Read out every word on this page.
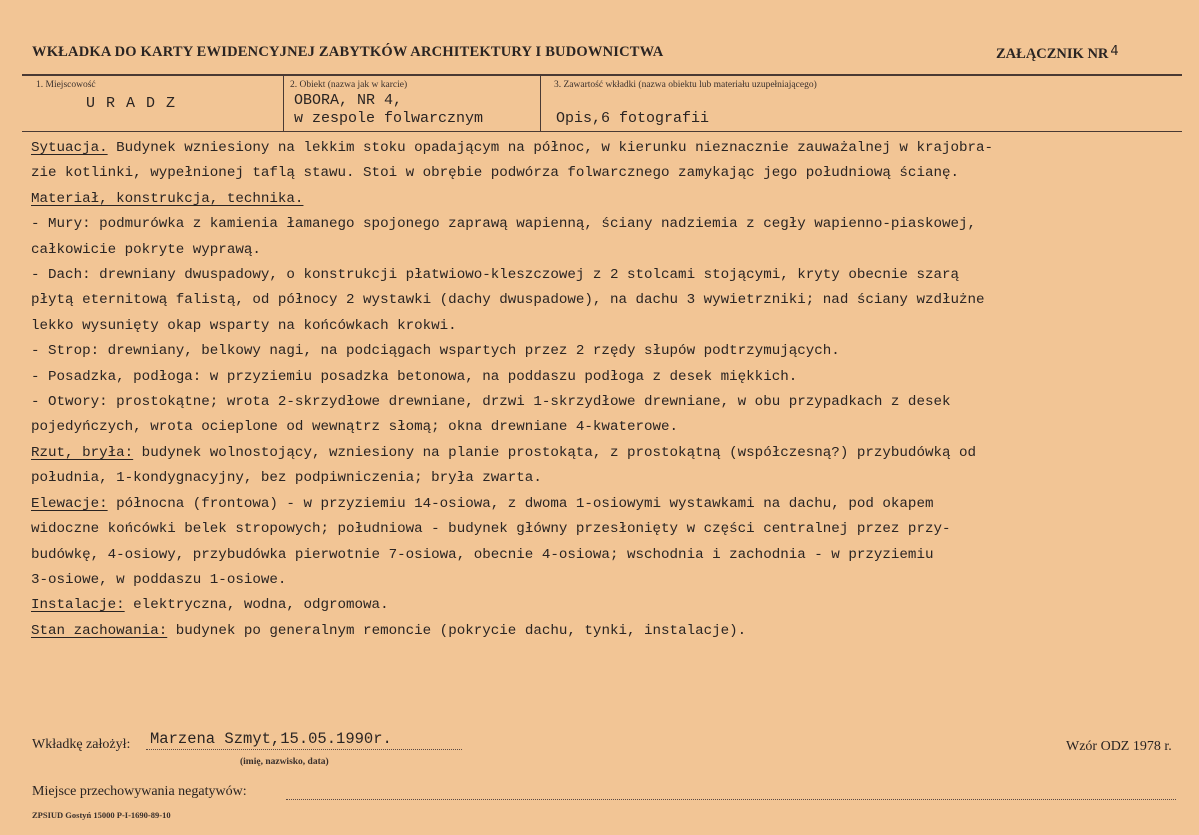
WKŁADKA DO KARTY EWIDENCYJNEJ ZABYTKÓW ARCHITEKTURY I BUDOWNICTWA	ZAŁĄCZNIK NR 4
1. Miejscowość
U R A D Z
2. Obiekt (nazwa jak w karcie)
OBORA, NR 4,
w zespole folwarcznym
3. Zawartość wkładki (nazwa obiektu lub materiału uzupełniającego)
Opis,6 fotografii

Sytuacja. Budynek wzniesiony na lekkim stoku opadającym na północ, w kierunku nieznacznie zauważalnej w krajobra-
zie kotlinki, wypełnionej taflą stawu. Stoi w obrębie podwórza folwarcznego zamykając jego południową ścianę.

Materiał, konstrukcja, technika.

- Mury: podmurówka z kamienia łamanego spojonego zaprawą wapienną, ściany nadziemia z cegły wapienno-piaskowej,
całkowicie pokryte wyprawą.

- Dach: drewniany dwuspadowy, o konstrukcji płatwiowo-kleszczowej z 2 stolcami stojącymi, kryty obecnie szarą
płytą eternitową falistą, od północy 2 wystawki (dachy dwuspadowe), na dachu 3 wywietrzniki; nad ściany wzdłużne
lekko wysunięty okap wsparty na końcówkach krokwi.

- Strop: drewniany, belkowy nagi, na podciągach wspartych przez 2 rzędy słupów podtrzymujących.

- Posadzka, podłoga: w przyziemiu posadzka betonowa, na poddaszu podłoga z desek miękkich.

- Otwory: prostokątne; wrota 2-skrzydłowe drewniane, drzwi 1-skrzydłowe drewniane, w obu przypadkach z desek
pojedyńczych, wrota ocieplone od wewnątrz słomą; okna drewniane 4-kwaterowe.

Rzut, bryła: budynek wolnostojący, wzniesiony na planie prostokąta, z prostokątną (współczesną?) przybudówką od
południa, 1-kondygnacyjny, bez podpiwniczenia; bryła zwarta.

Elewacje: północna (frontowa) - w przyziemiu 14-osiowa, z dwoma 1-osiowymi wystawkami na dachu, pod okapem
widoczne końcówki belek stropowych; południowa - budynek główny przesłonięty w części centralnej przez przy-
budówkę, 4-osiowy, przybudówka pierwotnie 7-osiowa, obecnie 4-osiowa; wschodnia i zachodnia - w przyziemiu
3-osiowe, w poddaszu 1-osiowe.

Instalacje: elektryczna, wodna, odgromowa.

Stan zachowania: budynek po generalnym remoncie (pokrycie dachu, tynki, instalacje).

Wkładkę założył: Marzena Szmyt,15.05.1990r.
(imię, nazwisko, data)
Wzór ODZ 1978 r.
Miejsce przechowywania negatywów:
ZPSIUD Gostyń 15000 P-I-1690-89-10
